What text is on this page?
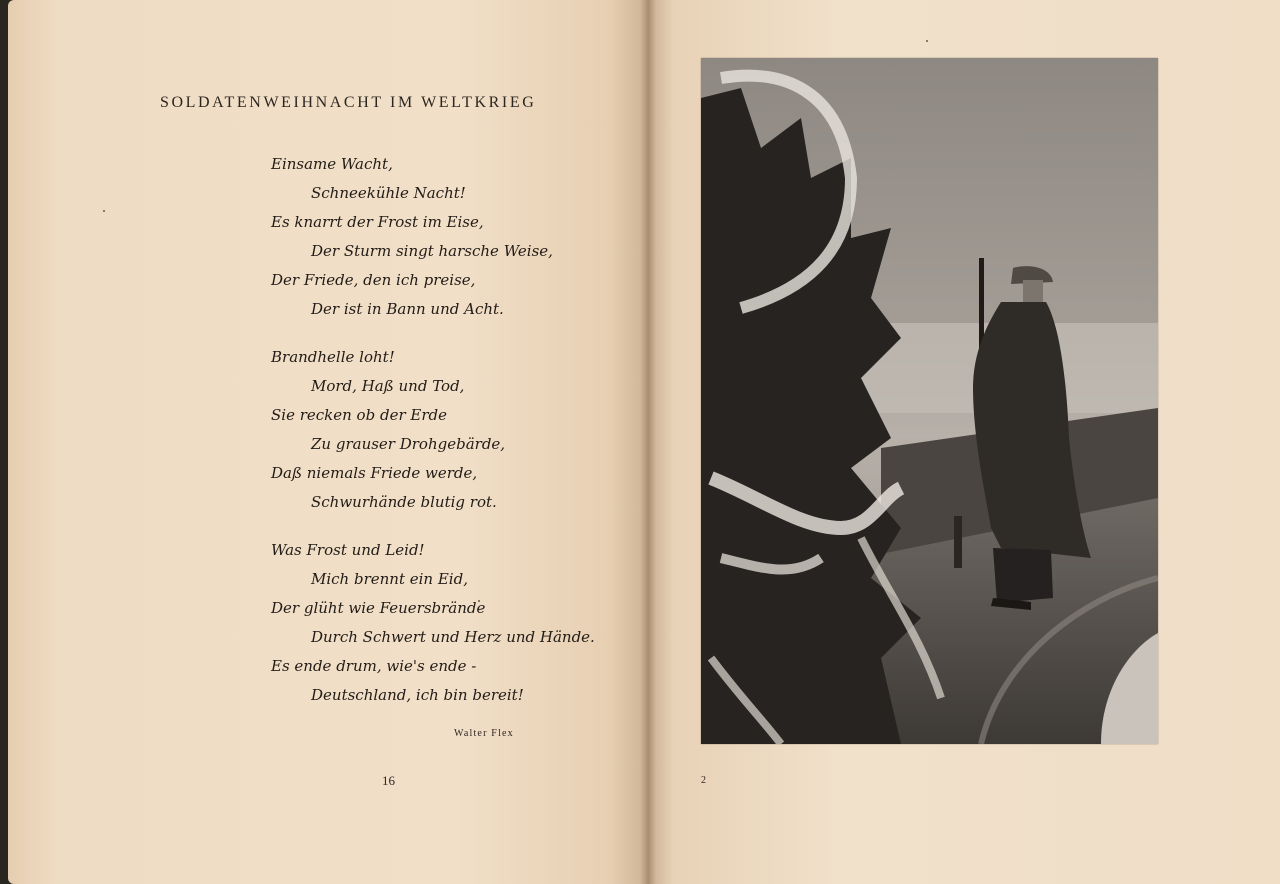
SOLDATENWEIHNACHT IM WELTKRIEG
Einsame Wacht,
Schneekühle Nacht!
Es knarrt der Frost im Eise,
Der Sturm singt harsche Weise,
Der Friede, den ich preise,
Der ist in Bann und Acht.
Brandhelle loht!
Mord, Haß und Tod,
Sie recken ob der Erde
Zu grauser Drohgebärde,
Daß niemals Friede werde,
Schwurhände blutig rot.
Was Frost und Leid!
Mich brennt ein Eid,
Der glüht wie Feuersbrände
Durch Schwert und Herz und Hände.
Es ende drum, wie's ende -
Deutschland, ich bin bereit!
Walter Flex
16	2
